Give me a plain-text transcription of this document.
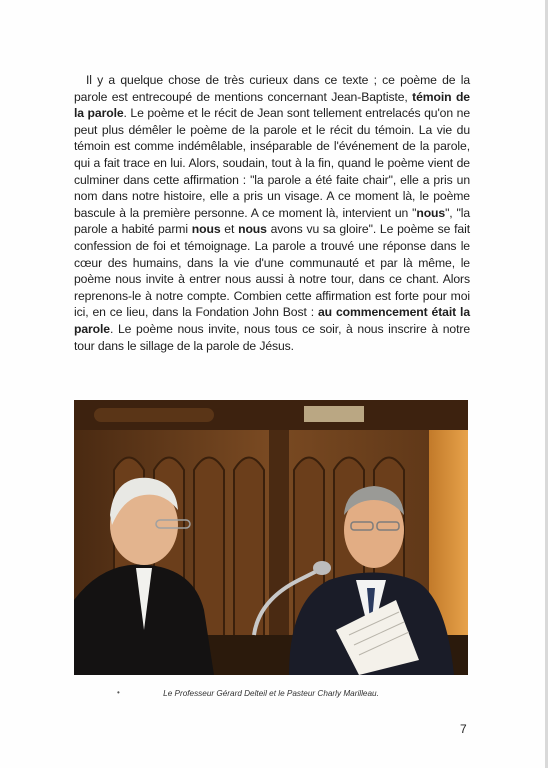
Il y a quelque chose de très curieux dans ce texte ; ce poème de la parole est entrecoupé de mentions concernant Jean-Baptiste, témoin de la parole. Le poème et le récit de Jean sont tellement entrelacés qu'on ne peut plus démêler le poème de la parole et le récit du témoin. La vie du témoin est comme indémêlable, inséparable de l'événement de la parole, qui a fait trace en lui. Alors, soudain, tout à la fin, quand le poème vient de culminer dans cette affirmation : "la parole a été faite chair", elle a pris un nom dans notre histoire, elle a pris un visage. A ce moment là, le poème bascule à la première personne. A ce moment là, intervient un "nous", "la parole a habité parmi nous et nous avons vu sa gloire". Le poème se fait confession de foi et témoignage. La parole a trouvé une réponse dans le cœur des humains, dans la vie d'une communauté et par là même, le poème nous invite à entrer nous aussi à notre tour, dans ce chant. Alors reprenons-le à notre compte. Combien cette affirmation est forte pour moi ici, en ce lieu, dans la Fondation John Bost : au commencement était la parole. Le poème nous invite, nous tous ce soir, à nous inscrire à notre tour dans le sillage de la parole de Jésus.

•	Le Professeur Gérard Delteil et le Pasteur Charly Marilleau.
7
